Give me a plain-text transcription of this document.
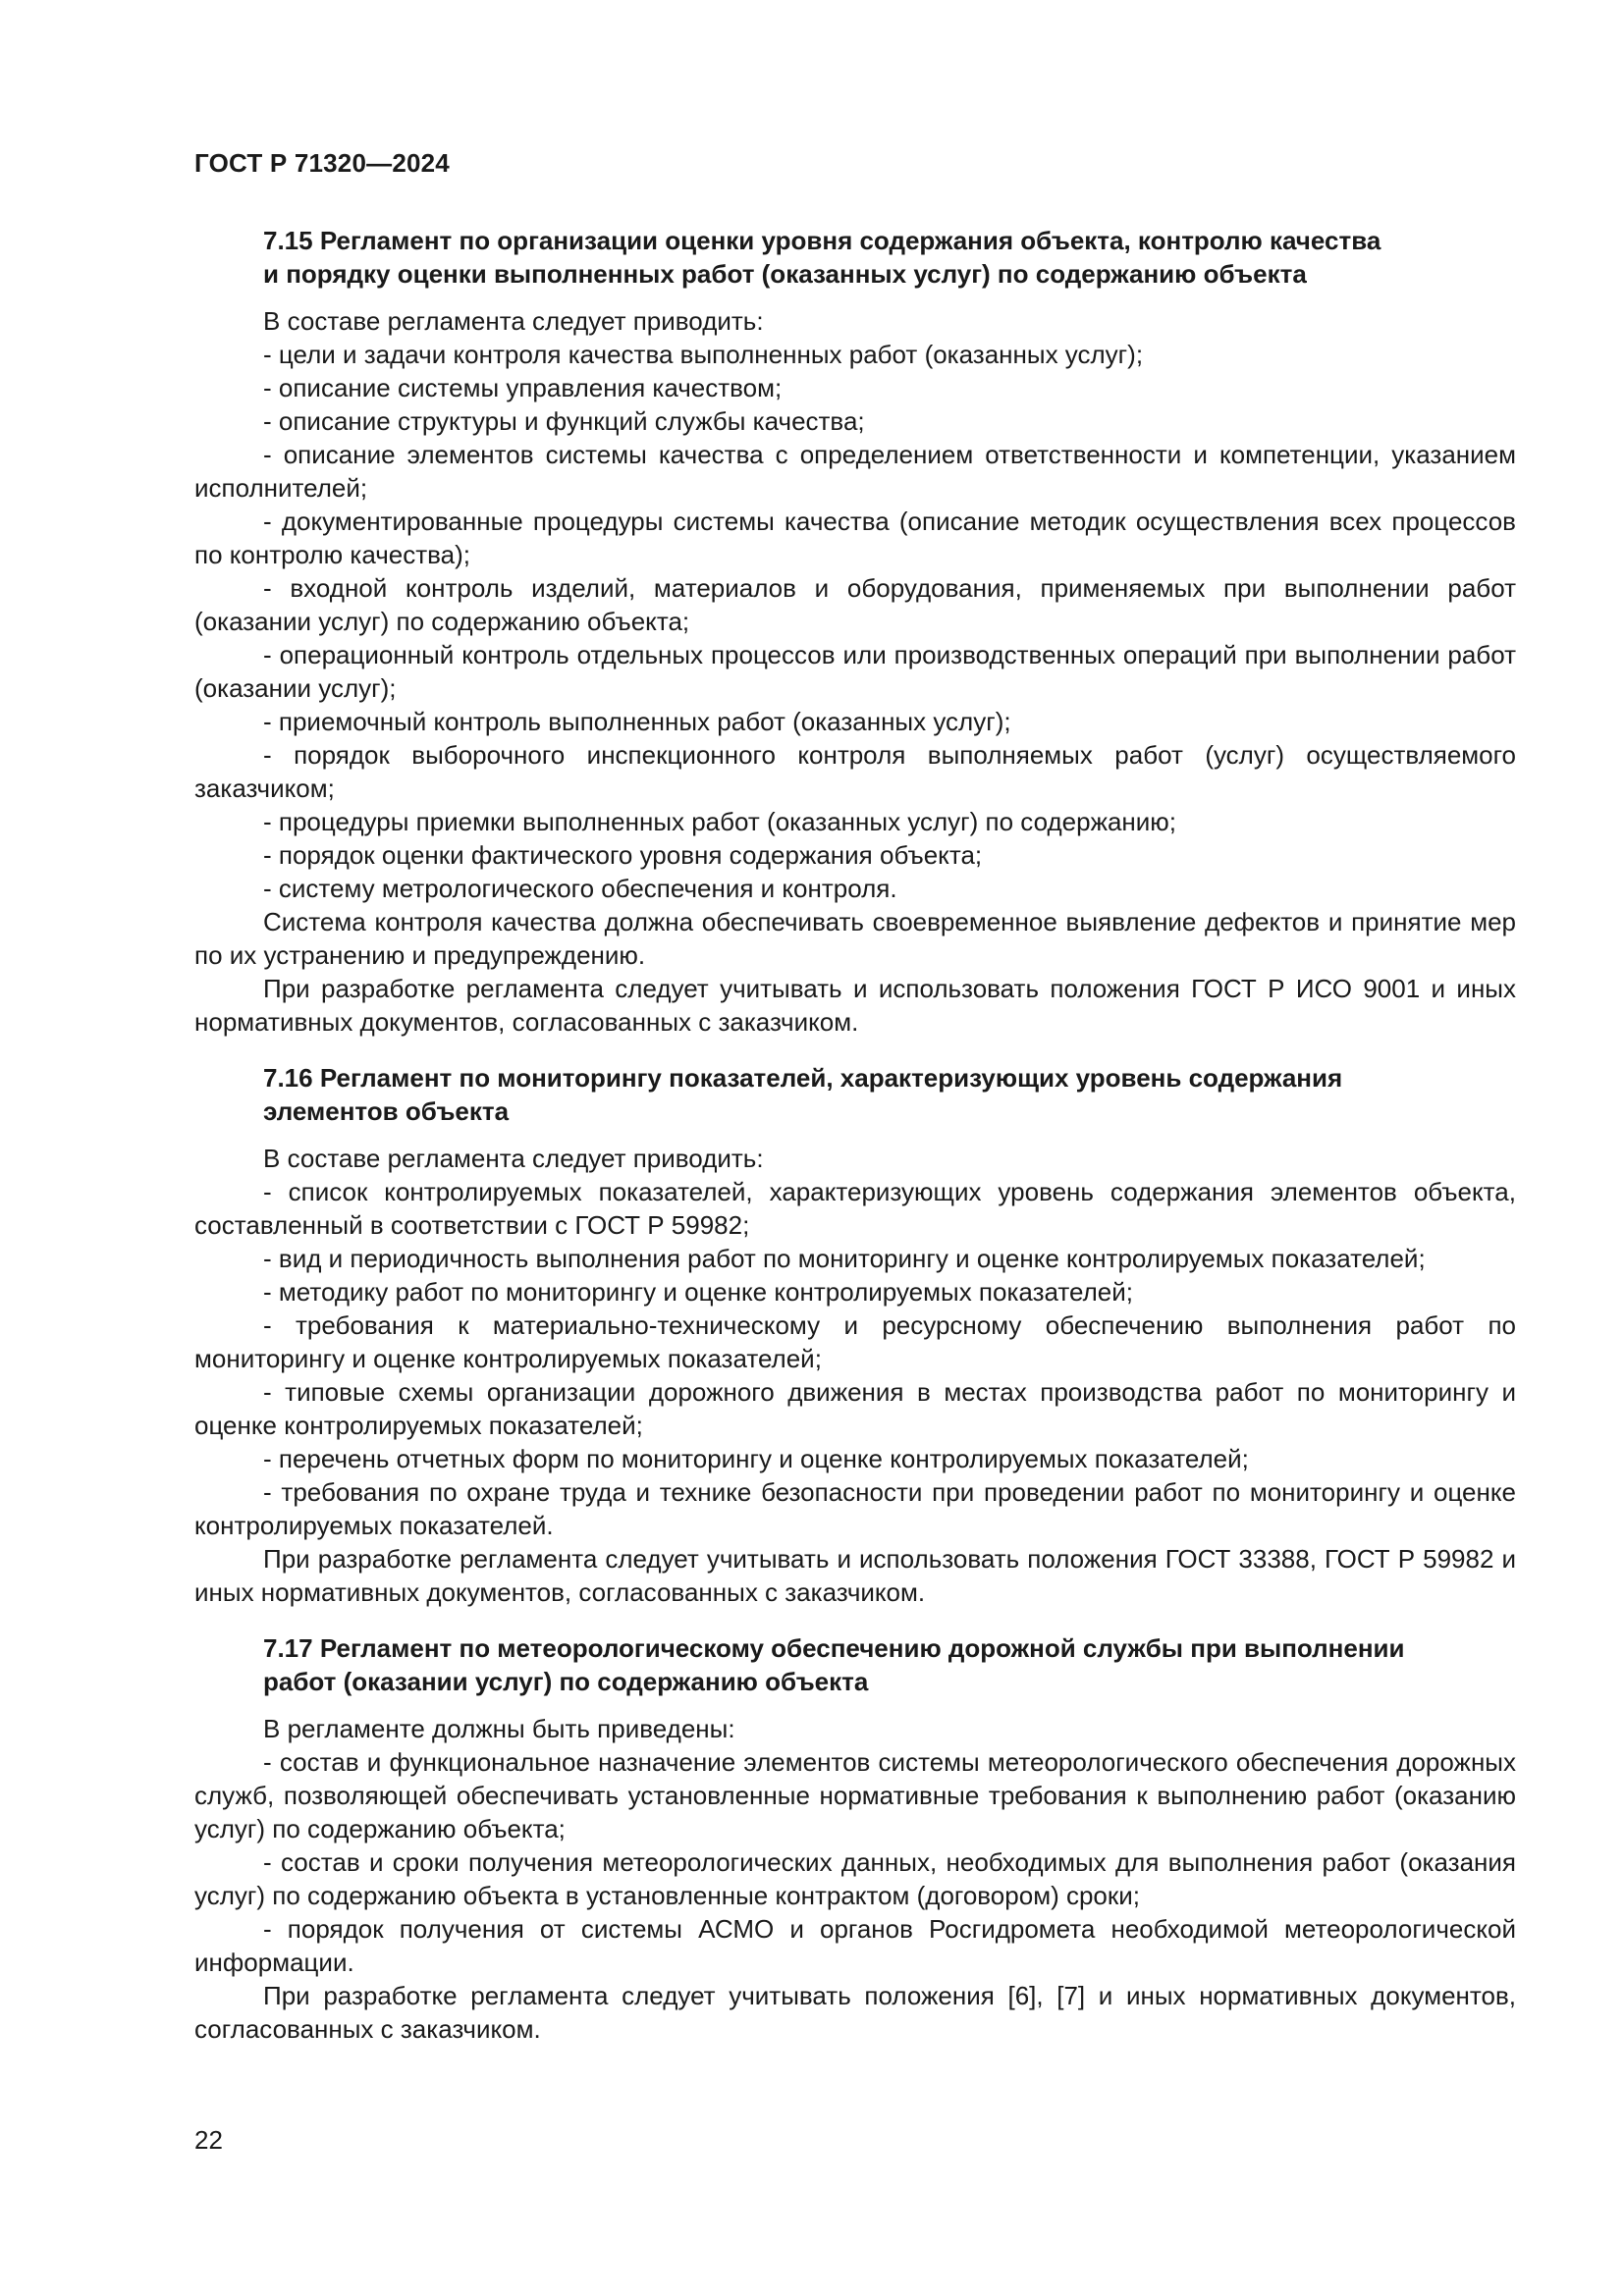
ГОСТ Р 71320—2024
7.15 Регламент по организации оценки уровня содержания объекта, контролю качества
и порядку оценки выполненных работ (оказанных услуг) по содержанию объекта

В составе регламента следует приводить:

- цели и задачи контроля качества выполненных работ (оказанных услуг);

- описание системы управления качеством;

- описание структуры и функций службы качества;

- описание элементов системы качества с определением ответственности и компетенции, указанием исполнителей;

- документированные процедуры системы качества (описание методик осуществления всех процессов по контролю качества);

- входной контроль изделий, материалов и оборудования, применяемых при выполнении работ (оказании услуг) по содержанию объекта;

- операционный контроль отдельных процессов или производственных операций при выполнении работ (оказании услуг);

- приемочный контроль выполненных работ (оказанных услуг);

- порядок выборочного инспекционного контроля выполняемых работ (услуг) осуществляемого заказчиком;

- процедуры приемки выполненных работ (оказанных услуг) по содержанию;

- порядок оценки фактического уровня содержания объекта;

- систему метрологического обеспечения и контроля.

Система контроля качества должна обеспечивать своевременное выявление дефектов и принятие мер по их устранению и предупреждению.

При разработке регламента следует учитывать и использовать положения ГОСТ Р ИСО 9001 и иных нормативных документов, согласованных с заказчиком.

7.16 Регламент по мониторингу показателей, характеризующих уровень содержания
элементов объекта

В составе регламента следует приводить:

- список контролируемых показателей, характеризующих уровень содержания элементов объекта, составленный в соответствии с ГОСТ Р 59982;

- вид и периодичность выполнения работ по мониторингу и оценке контролируемых показателей;

- методику работ по мониторингу и оценке контролируемых показателей;

- требования к материально-техническому и ресурсному обеспечению выполнения работ по мониторингу и оценке контролируемых показателей;

- типовые схемы организации дорожного движения в местах производства работ по мониторингу и оценке контролируемых показателей;

- перечень отчетных форм по мониторингу и оценке контролируемых показателей;

- требования по охране труда и технике безопасности при проведении работ по мониторингу и оценке контролируемых показателей.

При разработке регламента следует учитывать и использовать положения ГОСТ 33388, ГОСТ Р 59982 и иных нормативных документов, согласованных с заказчиком.

7.17 Регламент по метеорологическому обеспечению дорожной службы при выполнении
работ (оказании услуг) по содержанию объекта

В регламенте должны быть приведены:

- состав и функциональное назначение элементов системы метеорологического обеспечения дорожных служб, позволяющей обеспечивать установленные нормативные требования к выполнению работ (оказанию услуг) по содержанию объекта;

- состав и сроки получения метеорологических данных, необходимых для выполнения работ (оказания услуг) по содержанию объекта в установленные контрактом (договором) сроки;

- порядок получения от системы АСМО и органов Росгидромета необходимой метеорологической информации.

При разработке регламента следует учитывать положения [6], [7] и иных нормативных документов, согласованных с заказчиком.

22
